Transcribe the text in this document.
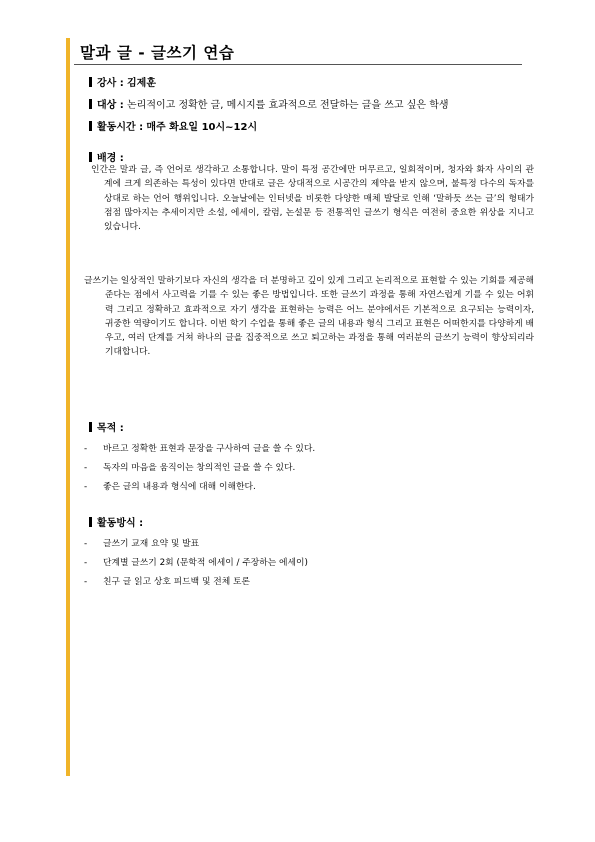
말과 글 - 글쓰기 연습
강사 : 김제훈
대상 : 논리적이고 정확한 글, 메시지를 효과적으로 전달하는 글을 쓰고 싶은 학생
활동시간 : 매주 화요일 10시~12시
배경 :
인간은 말과 글, 즉 언어로 생각하고 소통합니다. 말이 특정 공간에만 머무르고, 일회적이며, 청자와 화자 사이의 관계에 크게 의존하는 특성이 있다면 반대로 글은 상대적으로 시공간의 제약을 받지 않으며, 불특정 다수의 독자를 상대로 하는 언어 행위입니다. 오늘날에는 인터넷을 비롯한 다양한 매체 발달로 인해 ‘말하듯 쓰는 글’의 형태가 점점 많아지는 추세이지만 소설, 에세이, 칼럼, 논설문 등 전통적인 글쓰기 형식은 여전히 중요한 위상을 지니고 있습니다.
글쓰기는 일상적인 말하기보다 자신의 생각을 더 분명하고 깊이 있게 그리고 논리적으로 표현할 수 있는 기회를 제공해준다는 점에서 사고력을 기를 수 있는 좋은 방법입니다. 또한 글쓰기 과정을 통해 자연스럽게 기를 수 있는 어휘력 그리고 정확하고 효과적으로 자기 생각을 표현하는 능력은 어느 분야에서든 기본적으로 요구되는 능력이자, 귀중한 역량이기도 합니다. 이번 학기 수업을 통해 좋은 글의 내용과 형식 그리고 표현은 어떠한지를 다양하게 배우고, 여러 단계를 거쳐 하나의 글을 집중적으로 쓰고 퇴고하는 과정을 통해 여러분의 글쓰기 능력이 향상되리라 기대합니다.
목적 :
- 바르고 정확한 표현과 문장을 구사하여 글을 쓸 수 있다.
- 독자의 마음을 움직이는 창의적인 글을 쓸 수 있다.
- 좋은 글의 내용과 형식에 대해 이해한다.
활동방식 :
- 글쓰기 교재 요약 및 발표
- 단계별 글쓰기 2회 (문학적 에세이 / 주장하는 에세이)
- 친구 글 읽고 상호 피드백 및 전체 토론
